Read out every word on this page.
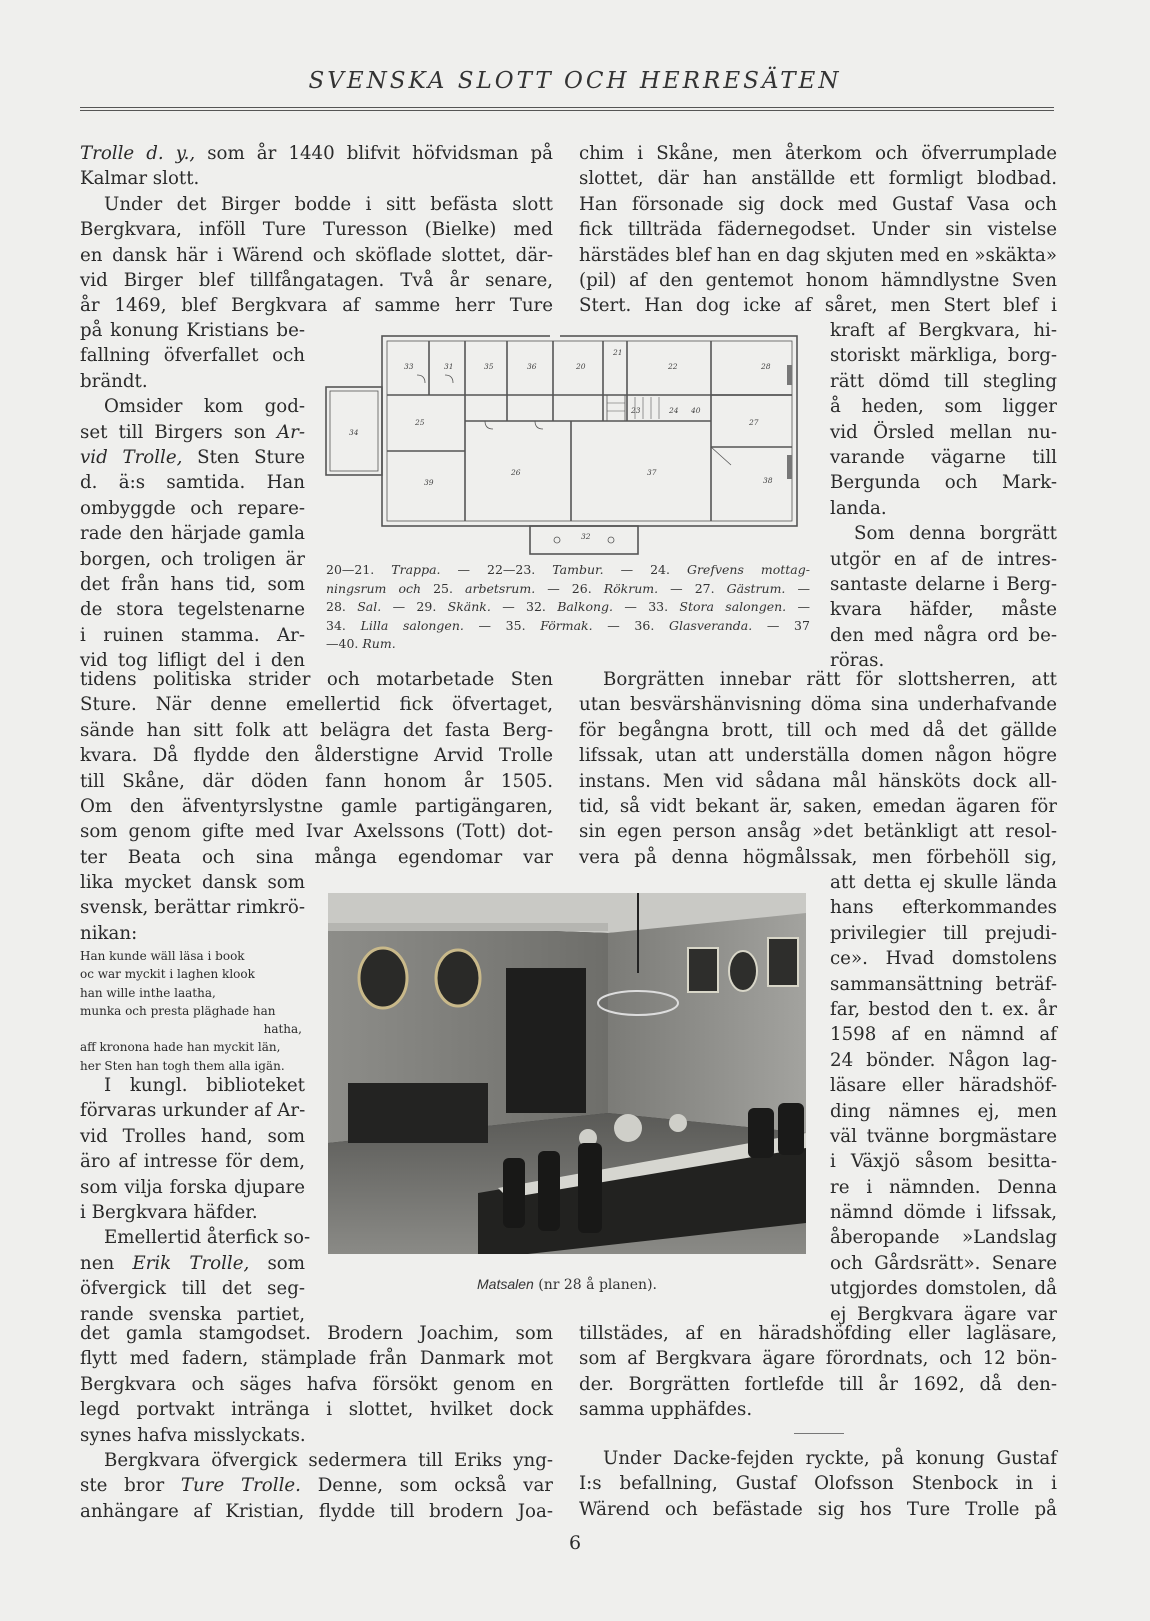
SVENSKA SLOTT OCH HERRESÄTEN
Trolle d. y., som år 1440 blifvit höfvidsman på
Kalmar slott.
Under det Birger bodde i sitt befästa slott
Bergkvara, inföll Ture Turesson (Bielke) med
en dansk här i Wärend och sköflade slottet, där-
vid Birger blef tillfångatagen. Två år senare,
år 1469, blef Bergkvara af samme herr Ture
på konung Kristians be-
fallning öfverfallet och
brändt.
Omsider kom god-
set till Birgers son Ar-
vid Trolle, Sten Sture
d. ä:s samtida. Han
ombyggde och repare-
rade den härjade gamla
borgen, och troligen är
det från hans tid, som
de stora tegelstenarne
i ruinen stamma. Ar-
vid tog lifligt del i den
tidens politiska strider och motarbetade Sten
Sture. När denne emellertid fick öfvertaget,
sände han sitt folk att belägra det fasta Berg-
kvara. Då flydde den ålderstigne Arvid Trolle
till Skåne, där döden fann honom år 1505.
Om den äfventyrslystne gamle partigängaren,
som genom gifte med Ivar Axelssons (Tott) dot-
ter Beata och sina många egendomar var
lika mycket dansk som
svensk, berättar rimkrö-
nikan:
Han kunde wäll läsa i book
oc war myckit i laghen klook
han wille inthe laatha,
munka och presta pläghade han
hatha,
aff kronona hade han myckit län,
her Sten han togh them alla igän.
I kungl. biblioteket
förvaras urkunder af Ar-
vid Trolles hand, som
äro af intresse för dem,
som vilja forska djupare
i Bergkvara häfder.
Emellertid återfick so-
nen Erik Trolle, som
öfvergick till det seg-
rande svenska partiet,
det gamla stamgodset. Brodern Joachim, som
flytt med fadern, stämplade från Danmark mot
Bergkvara och säges hafva försökt genom en
legd portvakt intränga i slottet, hvilket dock
synes hafva misslyckats.
Bergkvara öfvergick sedermera till Eriks yng-
ste bror Ture Trolle. Denne, som också var
anhängare af Kristian, flydde till brodern Joa-
chim i Skåne, men återkom och öfverrumplade
slottet, där han anställde ett formligt blodbad.
Han försonade sig dock med Gustaf Vasa och
fick tillträda fädernegodset. Under sin vistelse
härstädes blef han en dag skjuten med en »skäkta»
(pil) af den gentemot honom hämndlystne Sven
Stert. Han dog icke af såret, men Stert blef i
kraft af Bergkvara, hi-
storiskt märkliga, borg-
rätt dömd till stegling
å heden, som ligger
vid Örsled mellan nu-
varande vägarne till
Bergunda och Mark-
landa.
Som denna borgrätt
utgör en af de intres-
santaste delarne i Berg-
kvara häfder, måste
den med några ord be-
röras.
Borgrätten innebar rätt för slottsherren, att
utan besvärshänvisning döma sina underhafvande
för begångna brott, till och med då det gällde
lifssak, utan att underställa domen någon högre
instans. Men vid sådana mål hänsköts dock all-
tid, så vidt bekant är, saken, emedan ägaren för
sin egen person ansåg »det betänkligt att resol-
vera på denna högmålssak, men förbehöll sig,
att detta ej skulle lända
hans efterkommandes
privilegier till prejudi-
ce». Hvad domstolens
sammansättning beträf-
far, bestod den t. ex. år
1598 af en nämnd af
24 bönder. Någon lag-
läsare eller häradshöf-
ding nämnes ej, men
väl tvänne borgmästare
i Växjö såsom besitta-
re i nämnden. Denna
nämnd dömde i lifssak,
åberopande »Landslag
och Gårdsrätt». Senare
utgjordes domstolen, då
ej Bergkvara ägare var
tillstädes, af en häradshöfding eller lagläsare,
som af Bergkvara ägare förordnats, och 12 bön-
der. Borgrätten fortlefde till år 1692, då den-
samma upphäfdes.
Under Dacke-fejden ryckte, på konung Gustaf
I:s befallning, Gustaf Olofsson Stenbock in i
Wärend och befästade sig hos Ture Trolle på
33	31	35	36	20
21
22	28
27
34
25
23	24 40
32
26
39
37
38
20—21. Trappa. — 22—23. Tambur. — 24. Grefvens mottag-
ningsrum och 25. arbetsrum. — 26. Rökrum. — 27. Gästrum. —
28. Sal. — 29. Skänk. — 32. Balkong. — 33. Stora salongen. —
34. Lilla salongen. — 35. Förmak. — 36. Glasveranda. — 37
—40. Rum.
Matsalen (nr 28 å planen).
6
